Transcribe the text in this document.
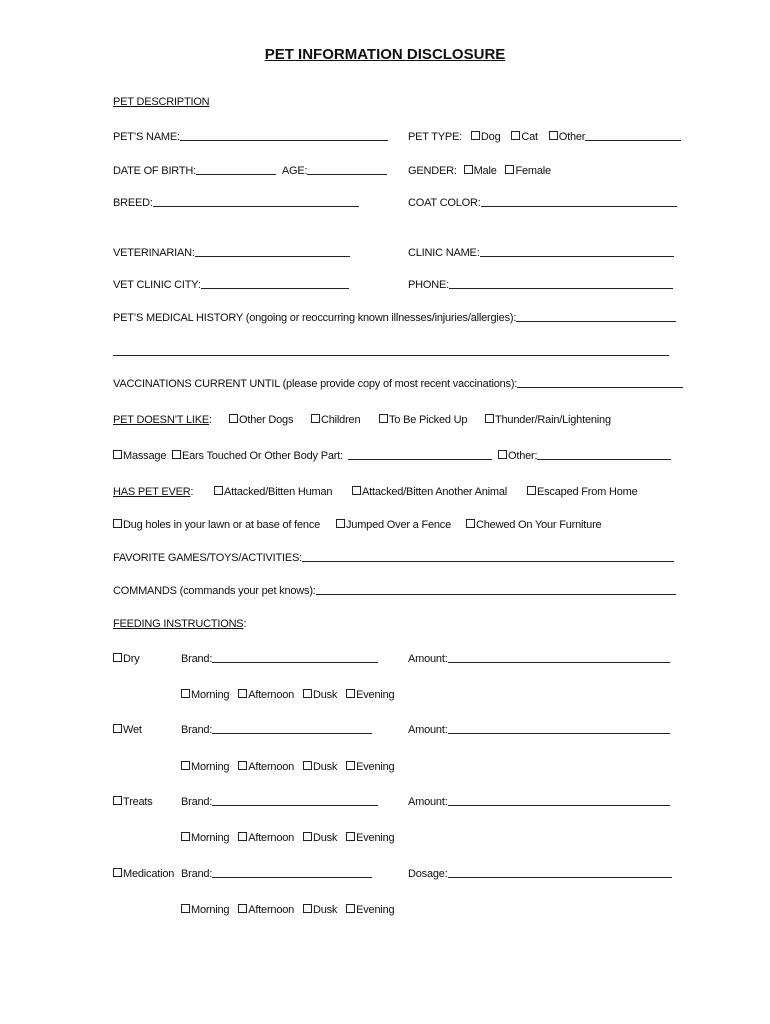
PET INFORMATION DISCLOSURE
PET DESCRIPTION
PET’S NAME:	PET TYPE: Dog Cat Other
DATE OF BIRTH:	AGE:	GENDER: Male Female
BREED:	COAT COLOR:
VETERINARIAN:	CLINIC NAME:
VET CLINIC CITY:	PHONE:
PET’S MEDICAL HISTORY (ongoing or reoccurring known illnesses/injuries/allergies):
VACCINATIONS CURRENT UNTIL (please provide copy of most recent vaccinations):
PET DOESN’T LIKE:	Other Dogs	Children	To Be Picked Up	Thunder/Rain/Lightening
Massage	Ears Touched Or Other Body Part:	Other:
HAS PET EVER:	Attacked/Bitten Human	Attacked/Bitten Another Animal	Escaped From Home
Dug holes in your lawn or at base of fence	Jumped Over a Fence	Chewed On Your Furniture
FAVORITE GAMES/TOYS/ACTIVITIES:
COMMANDS (commands your pet knows):
FEEDING INSTRUCTIONS:
Dry	Brand:	Amount:
Morning Afternoon Dusk Evening
Wet	Brand:	Amount:
Morning Afternoon Dusk Evening
Treats	Brand:	Amount:
Morning Afternoon Dusk Evening
Medication Brand:	Dosage:
Morning Afternoon Dusk Evening
